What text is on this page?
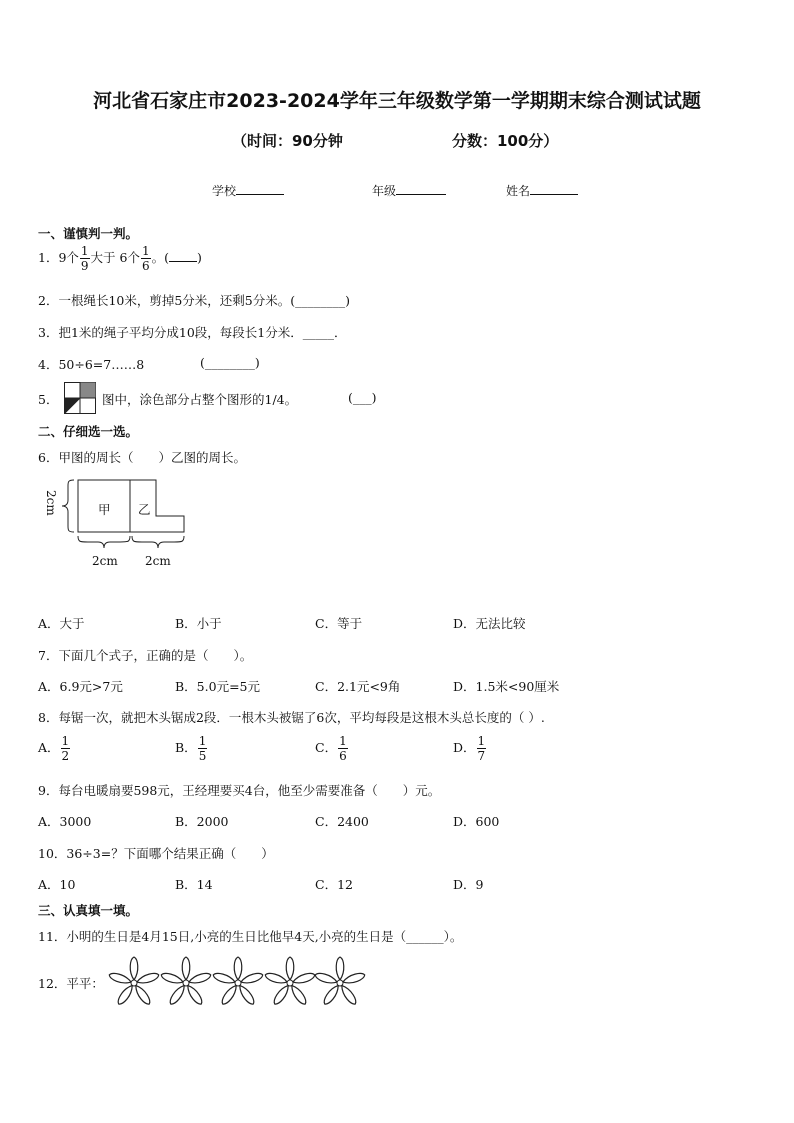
河北省石家庄市2023-2024学年三年级数学第一学期期末综合测试试题
（时间：90分钟	分数：100分）
学校	年级	姓名
一、谨慎判一判。
1．9个 $\frac{1}{9}$ 大于 6个 $\frac{1}{6}$ 。( )
2．一根绳长10米，剪掉5分米，还剩5分米。(________)
3．把1米的绳子平均分成10段，每段长1分米．_____．
4．50÷6=7……8	(________)
5．	图中，涂色部分占整个图形的1/4。	(___)
二、仔细选一选。
6．甲图的周长（　　）乙图的周长。
甲 乙
2cm
2cm 2cm
A．大于	B．小于	C．等于	D．无法比较
7．下面几个式子，正确的是（　　）。
A．6.9元>7元	B．5.0元=5元	C．2.1元<9角	D．1.5米<90厘米
8．每锯一次，就把木头锯成2段．一根木头被锯了6次，平均每段是这根木头总长度的（ ）.
A． $\frac{1}{2}$	B． $\frac{1}{5}$	C． $\frac{1}{6}$	D． $\frac{1}{7}$
9．每台电暖扇要598元，王经理要买4台，他至少需要准备（　　）元。
A．3000	B．2000	C．2400	D．600
10．36÷3=？下面哪个结果正确（　　）
A．10	B．14	C．12	D．9
三、认真填一填。
11．小明的生日是4月15日,小亮的生日比他早4天,小亮的生日是（______）。
12．平平：
